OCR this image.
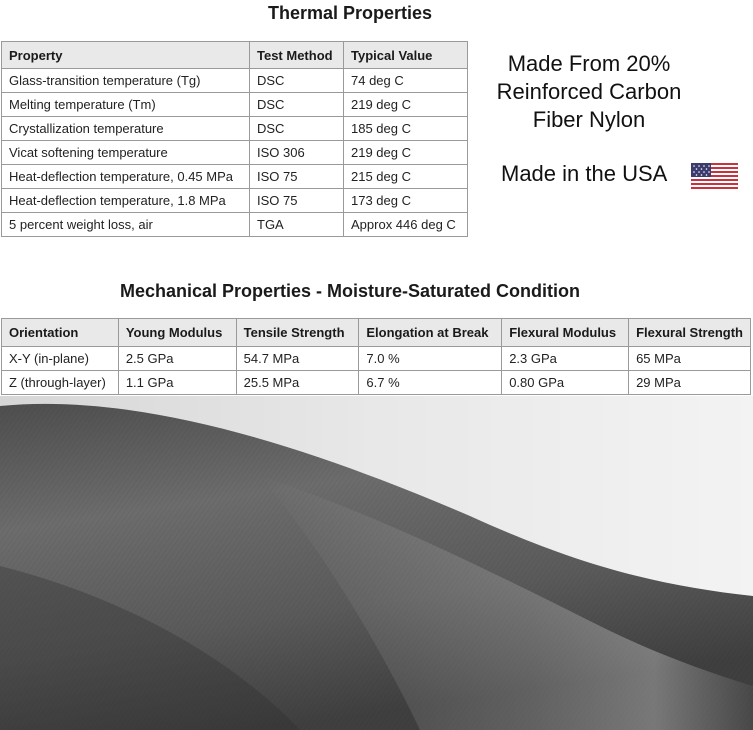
Thermal Properties
Property	Test Method	Typical Value
Glass-transition temperature (Tg)	DSC	74 deg C
Melting temperature (Tm)	DSC	219 deg C
Crystallization temperature	DSC	185 deg C
Vicat softening temperature	ISO 306	219 deg C
Heat-deflection temperature, 0.45 MPa	ISO 75	215 deg C
Heat-deflection temperature, 1.8 MPa	ISO 75	173 deg C
5 percent weight loss, air	TGA	Approx 446 deg C
Made From 20%
Reinforced Carbon
Fiber Nylon
Made in the USA
Mechanical Properties - Moisture-Saturated Condition
Orientation	Young Modulus	Tensile Strength	Elongation at Break	Flexural Modulus	Flexural Strength
X-Y (in-plane)	2.5 GPa	54.7 MPa	7.0 %	2.3 GPa	65 MPa
Z (through-layer)	1.1 GPa	25.5 MPa	6.7 %	0.80 GPa	29 MPa
